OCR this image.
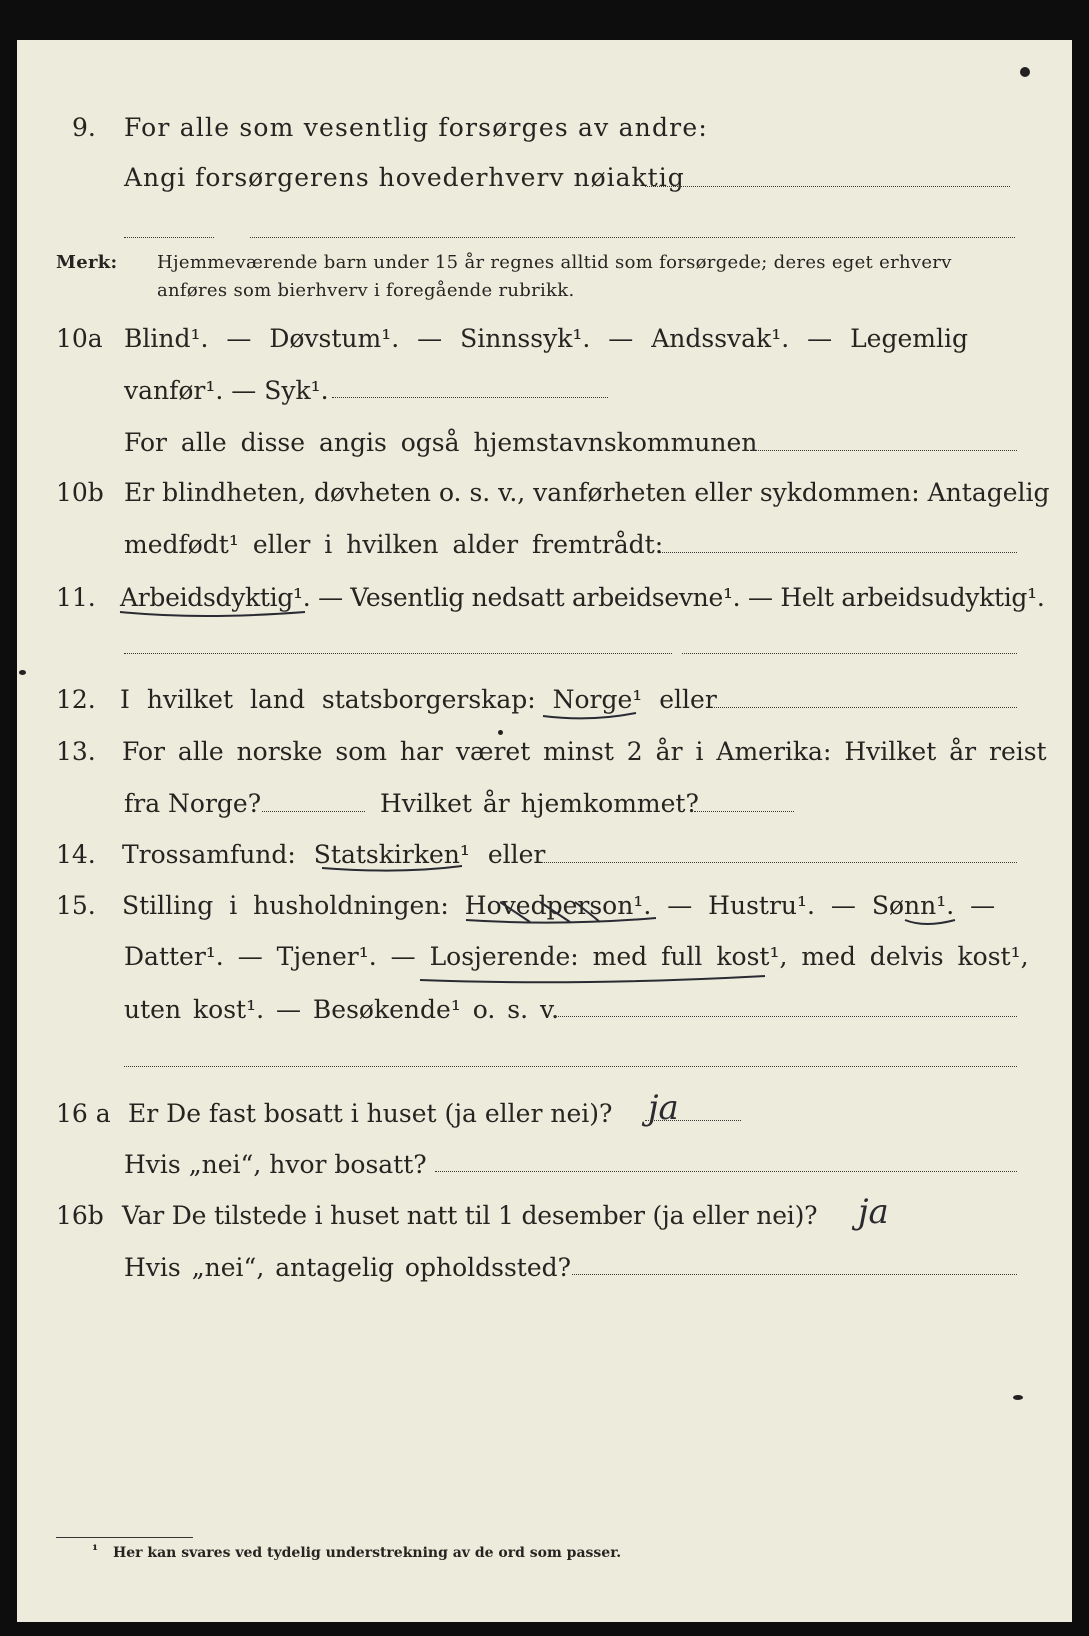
9. For alle som vesentlig forsørges av andre:
Angi forsørgerens hovederhverv nøiaktig
Merk: Hjemmeværende barn under 15 år regnes alltid som forsørgede; deres eget erhverv
anføres som bierhverv i foregående rubrikk.
10a Blind¹. — Døvstum¹. — Sinnssyk¹. — Andssvak¹. — Legemlig
vanfør¹. — Syk¹.
For alle disse angis også hjemstavnskommunen
10b Er blindheten, døvheten o. s. v., vanførheten eller sykdommen: Antagelig
medfødt¹ eller i hvilken alder fremtrådt:
11. Arbeidsdyktig¹. — Vesentlig nedsatt arbeidsevne¹. — Helt arbeidsudyktig¹.
12. I hvilket land statsborgerskap: Norge¹ eller
13. For alle norske som har været minst 2 år i Amerika: Hvilket år reist
fra Norge?	Hvilket år hjemkommet?
14. Trossamfund: Statskirken¹ eller
15. Stilling i husholdningen: Hovedperson¹. — Hustru¹. — Sønn¹. —
Datter¹. — Tjener¹. — Losjerende: med full kost¹, med delvis kost¹,
uten kost¹. — Besøkende¹ o. s. v.
16 a Er De fast bosatt i huset (ja eller nei)? ja
Hvis „nei“, hvor bosatt?
16b Var De tilstede i huset natt til 1 desember (ja eller nei)? ja
Hvis „nei“, antagelig opholdssted?
¹ Her kan svares ved tydelig understrekning av de ord som passer.
